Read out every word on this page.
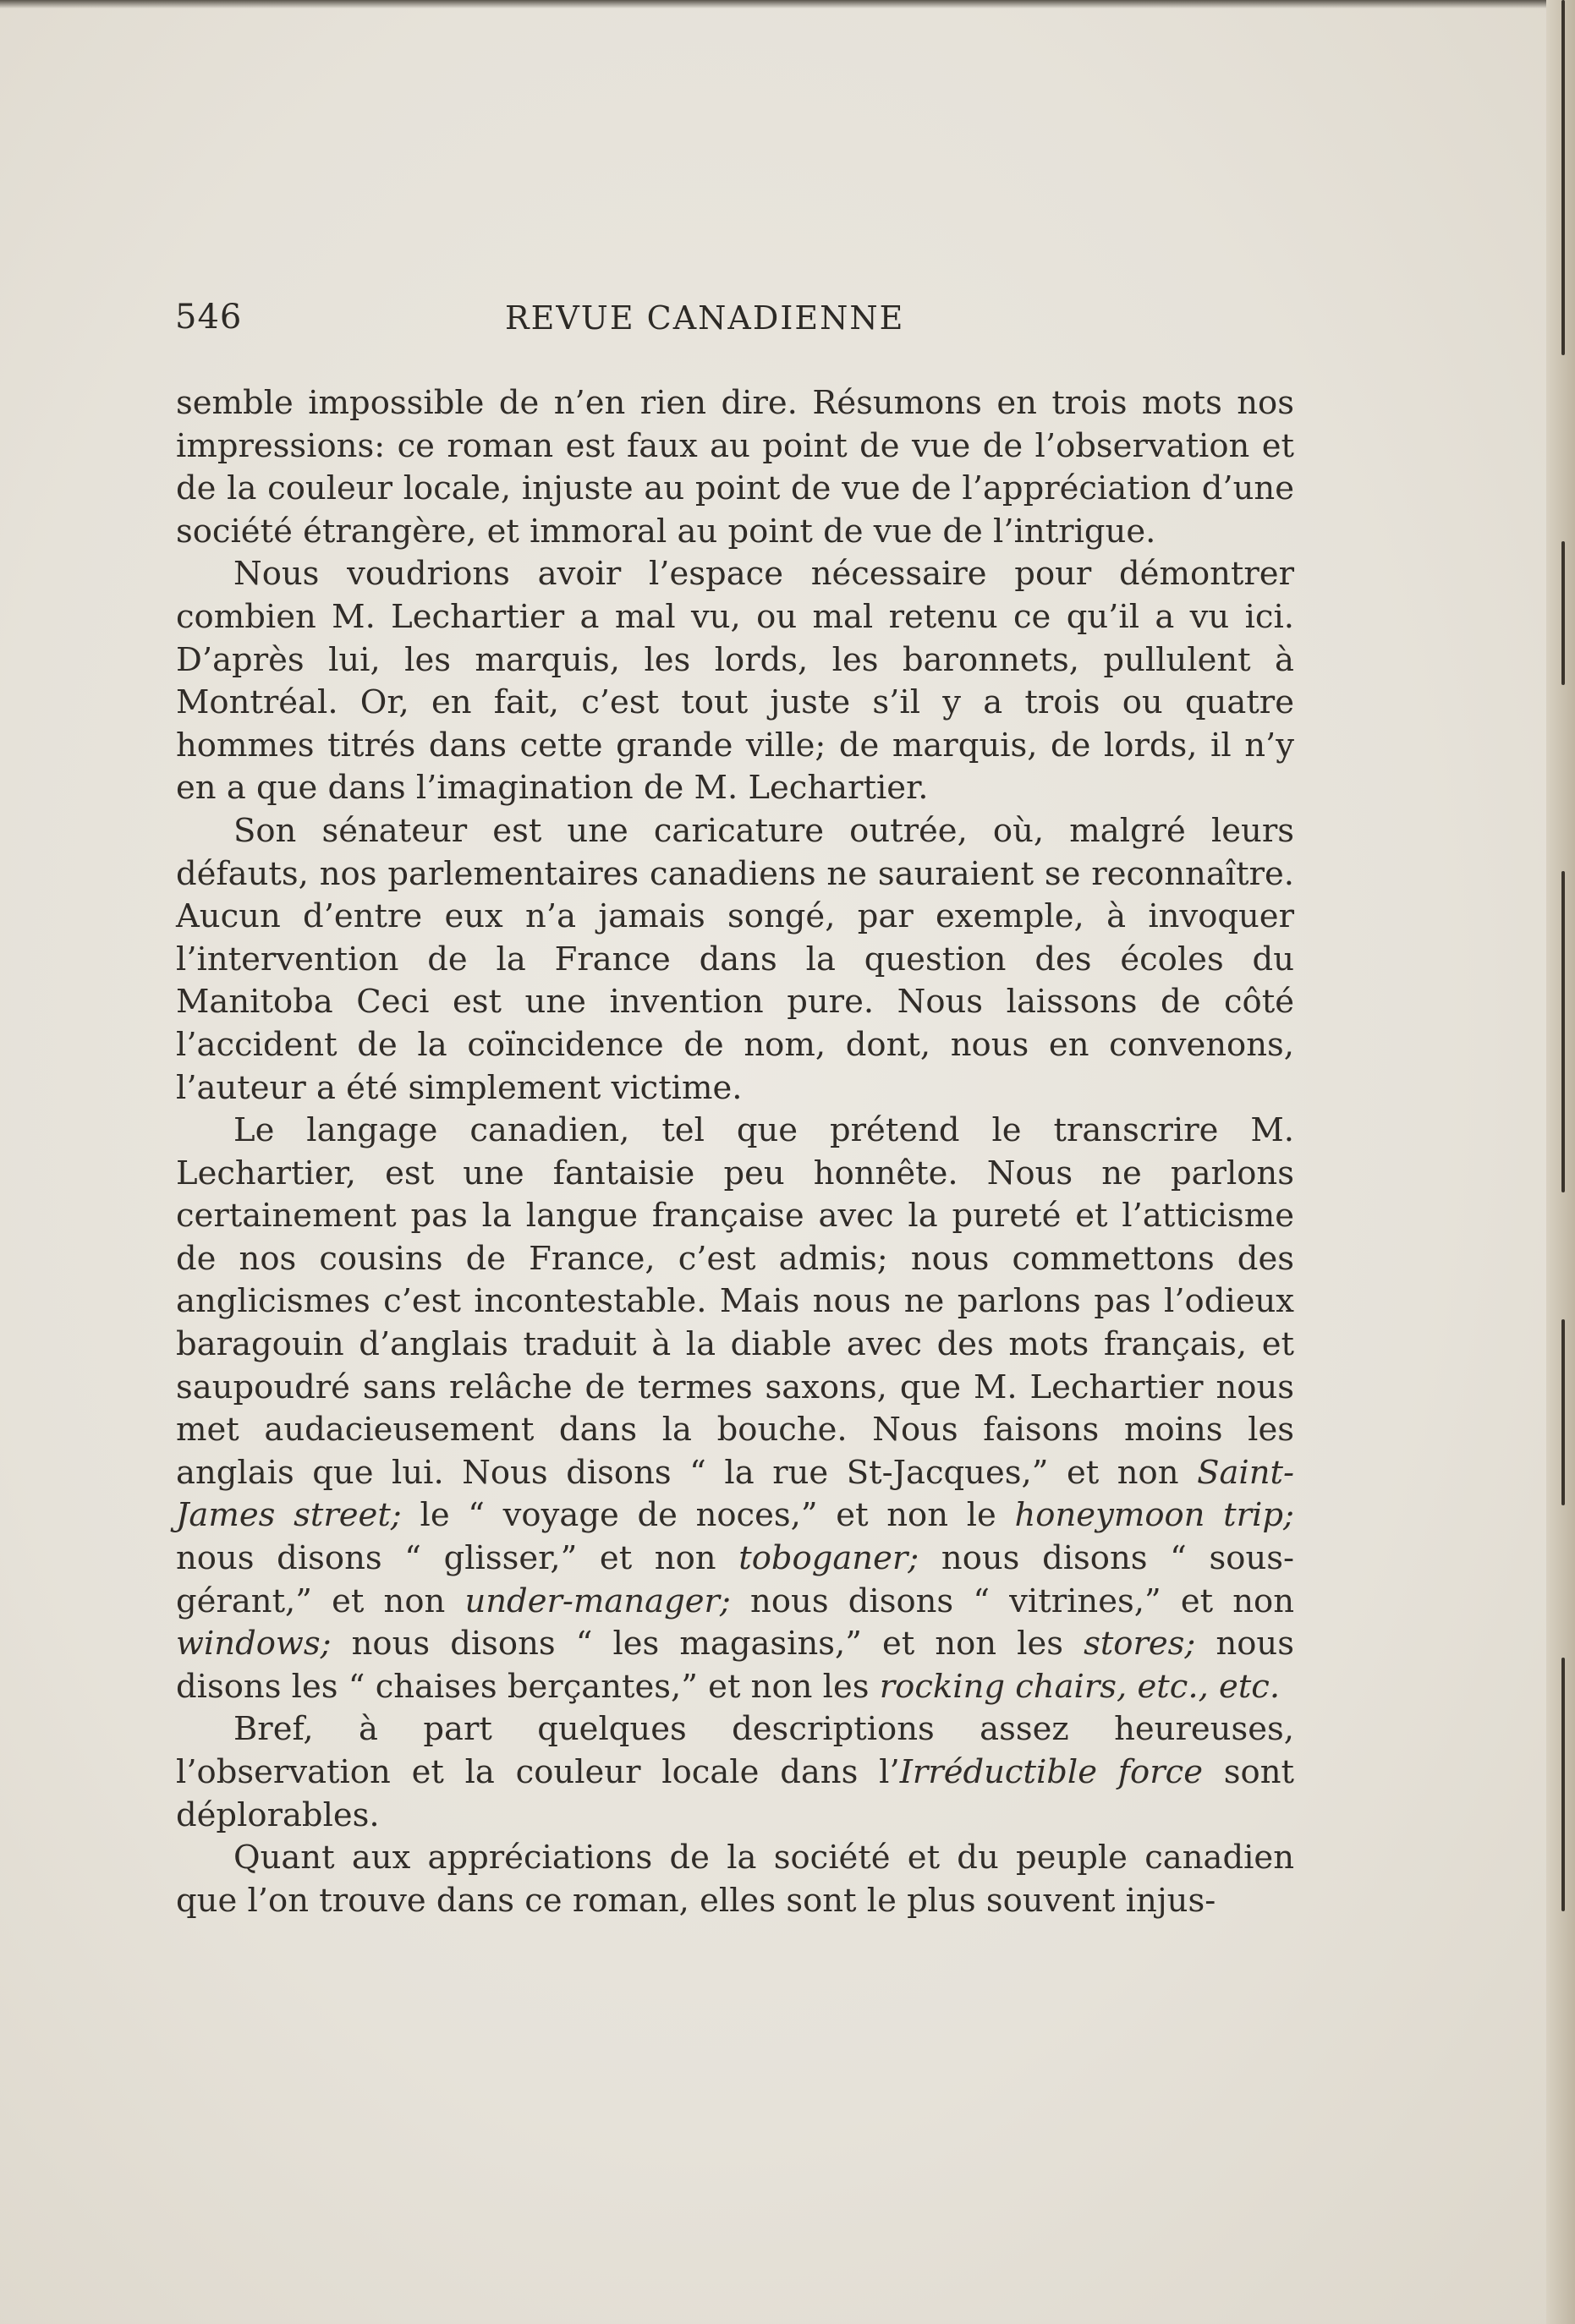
546	REVUE CANADIENNE

semble impossible de n’en rien dire. Résumons en trois mots nos impressions: ce roman est faux au point de vue de l’observation et de la couleur locale, injuste au point de vue de l’appréciation d’une société étrangère, et immoral au point de vue de l’intrigue.

Nous voudrions avoir l’espace nécessaire pour démontrer combien M. Lechartier a mal vu, ou mal retenu ce qu’il a vu ici. D’après lui, les marquis, les lords, les baronnets, pullulent à Montréal. Or, en fait, c’est tout juste s’il y a trois ou quatre hommes titrés dans cette grande ville; de marquis, de lords, il n’y en a que dans l’imagination de M. Lechartier.

Son sénateur est une caricature outrée, où, malgré leurs défauts, nos parlementaires canadiens ne sauraient se reconnaître. Aucun d’entre eux n’a jamais songé, par exemple, à invoquer l’intervention de la France dans la question des écoles du Manitoba Ceci est une invention pure. Nous laissons de côté l’accident de la coïncidence de nom, dont, nous en convenons, l’auteur a été simplement victime.

Le langage canadien, tel que prétend le transcrire M. Lechartier, est une fantaisie peu honnête. Nous ne parlons certainement pas la langue française avec la pureté et l’atticisme de nos cousins de France, c’est admis; nous commettons des anglicismes c’est incontestable. Mais nous ne parlons pas l’odieux baragouin d’anglais traduit à la diable avec des mots français, et saupoudré sans relâche de termes saxons, que M. Lechartier nous met audacieusement dans la bouche. Nous faisons moins les anglais que lui. Nous disons “ la rue St-Jacques,” et non Saint-James street; le “ voyage de noces,” et non le honeymoon trip; nous disons “ glisser,” et non toboganer; nous disons “ sous-gérant,” et non under-manager; nous disons “ vitrines,” et non windows; nous disons “ les magasins,” et non les stores; nous disons les “ chaises berçantes,” et non les rocking chairs, etc., etc.

Bref, à part quelques descriptions assez heureuses, l’observation et la couleur locale dans l’Irréductible force sont déplorables.

Quant aux appréciations de la société et du peuple canadien que l’on trouve dans ce roman, elles sont le plus souvent injus-
